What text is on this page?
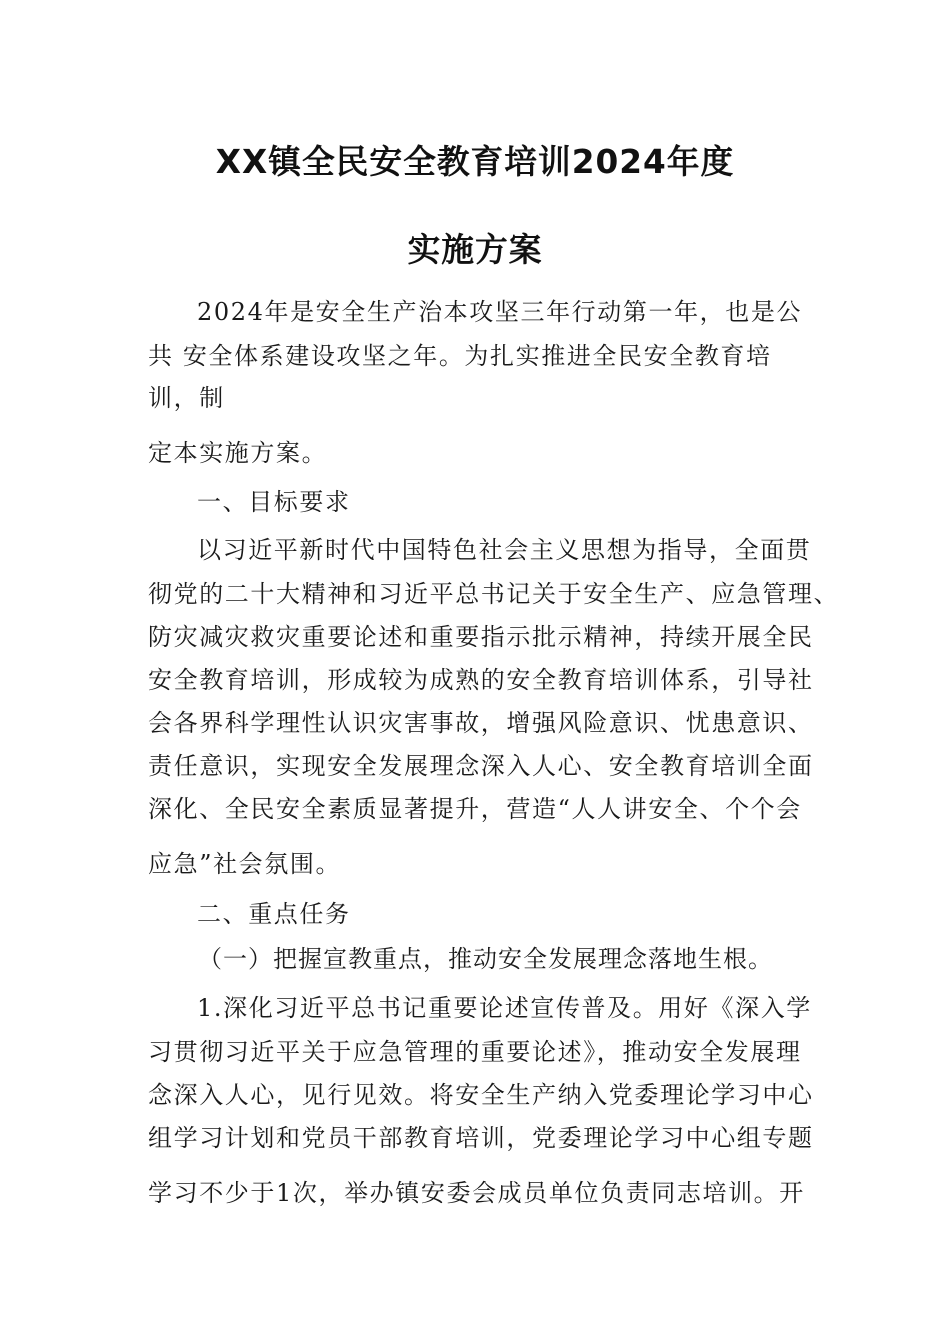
XX镇全民安全教育培训2024年度
实施方案
2024年是安全生产治本攻坚三年行动第一年，也是公
共 安全体系建设攻坚之年。为扎实推进全民安全教育培
训，制
定本实施方案。
一、目标要求
以习近平新时代中国特色社会主义思想为指导，全面贯
彻党的二十大精神和习近平总书记关于安全生产、应急管理、
防灾减灾救灾重要论述和重要指示批示精神，持续开展全民
安全教育培训，形成较为成熟的安全教育培训体系，引导社
会各界科学理性认识灾害事故，增强风险意识、忧患意识、
责任意识，实现安全发展理念深入人心、安全教育培训全面
深化、全民安全素质显著提升，营造“人人讲安全、个个会
应急”社会氛围。
二、重点任务
（一）把握宣教重点，推动安全发展理念落地生根。
1.深化习近平总书记重要论述宣传普及。用好《深入学
习贯彻习近平关于应急管理的重要论述》，推动安全发展理
念深入人心，见行见效。将安全生产纳入党委理论学习中心
组学习计划和党员干部教育培训，党委理论学习中心组专题
学习不少于1次，举办镇安委会成员单位负责同志培训。开
